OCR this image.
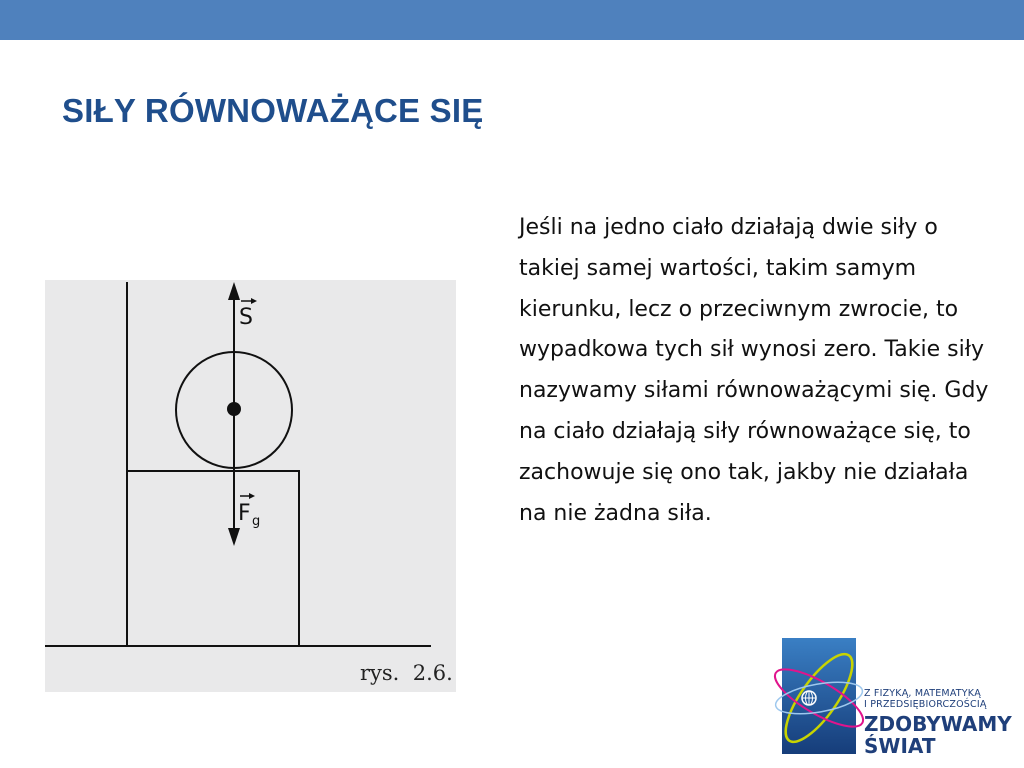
SIŁY RÓWNOWAŻĄCE SIĘ
S
F g
rys.  2.6.

Jeśli na jedno ciało działają dwie siły o takiej samej wartości, takim samym kierunku, lecz o przeciwnym zwrocie, to wypadkowa tych sił wynosi zero. Takie siły nazywamy siłami równoważącymi się. Gdy na ciało działają siły równoważące się, to zachowuje się ono tak, jakby nie działała na nie żadna siła.

Z FIZYKĄ, MATEMATYKĄ
I PRZEDSIĘBIORCZOŚCIĄ
ZDOBYWAMY
ŚWIAT
